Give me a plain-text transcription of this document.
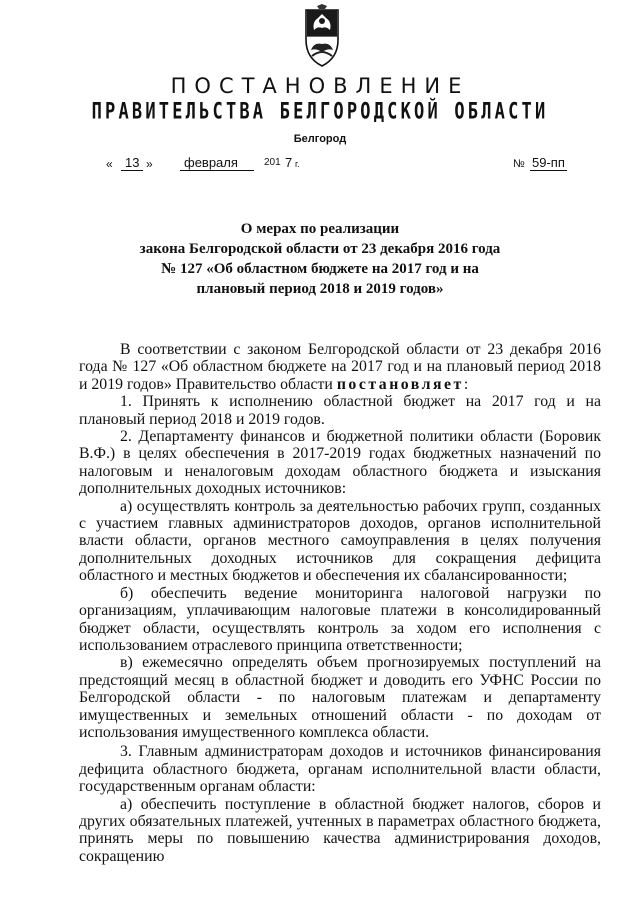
ПОСТАНОВЛЕНИЕ
ПРАВИТЕЛЬСТВА БЕЛГОРОДСКОЙ ОБЛАСТИ
Белгород
« 13 »	февраля	201 7 г.	№ 59-пп
О мерах по реализации
закона Белгородской области от 23 декабря 2016 года
№ 127 «Об областном бюджете на 2017 год и на
плановый период 2018 и 2019 годов»

В соответствии с законом Белгородской области от 23 декабря 2016 года № 127 «Об областном бюджете на 2017 год и на плановый период 2018 и 2019 годов» Правительство области постановляет:

1. Принять к исполнению областной бюджет на 2017 год и на плановый период 2018 и 2019 годов.

2. Департаменту финансов и бюджетной политики области (Боровик В.Ф.) в целях обеспечения в 2017-2019 годах бюджетных назначений по налоговым и неналоговым доходам областного бюджета и изыскания дополнительных доходных источников:

а) осуществлять контроль за деятельностью рабочих групп, созданных с участием главных администраторов доходов, органов исполнительной власти области, органов местного самоуправления в целях получения дополнительных доходных источников для сокращения дефицита областного и местных бюджетов и обеспечения их сбалансированности;

б) обеспечить ведение мониторинга налоговой нагрузки по организациям, уплачивающим налоговые платежи в консолидированный бюджет области, осуществлять контроль за ходом его исполнения с использованием отраслевого принципа ответственности;

в) ежемесячно определять объем прогнозируемых поступлений на предстоящий месяц в областной бюджет и доводить его УФНС России по Белгородской области - по налоговым платежам и департаменту имущественных и земельных отношений области - по доходам от использования имущественного комплекса области.

3. Главным администраторам доходов и источников финансирования дефицита областного бюджета, органам исполнительной власти области, государственным органам области:

а) обеспечить поступление в областной бюджет налогов, сборов и других обязательных платежей, учтенных в параметрах областного бюджета, принять меры по повышению качества администрирования доходов, сокращению
